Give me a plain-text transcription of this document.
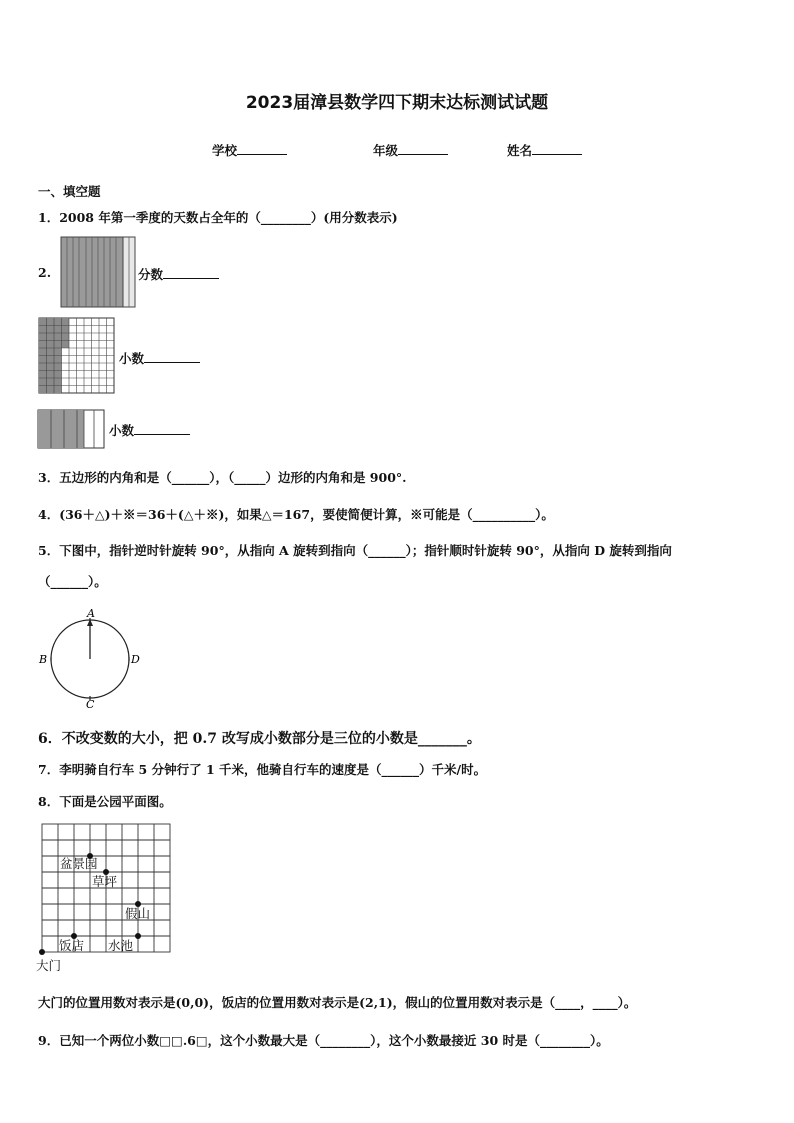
2023届漳县数学四下期末达标测试试题
学校	年级	姓名
一、填空题
1．2008 年第一季度的天数占全年的（________）(用分数表示)
2.	分数
小数
小数
3．五边形的内角和是（______），（_____）边形的内角和是 900°.
4．(36＋△)＋※＝36＋(△＋※)，如果△＝167，要使简便计算，※可能是（__________）。
5．下图中，指针逆时针旋转 90°，从指向 A 旋转到指向（______）；指针顺时针旋转 90°，从指向 D 旋转到指向
（______）。
A
B	D
C
6．不改变数的大小，把 0.7 改写成小数部分是三位的小数是_______。
7．李明骑自行车 5 分钟行了 1 千米，他骑自行车的速度是（______）千米/时。
8．下面是公园平面图。
盆景园
草坪
假山
饭店 水池
大门
大门的位置用数对表示是(0,0)，饭店的位置用数对表示是(2,1)，假山的位置用数对表示是（____，____）。
9．已知一个两位小数□□.6□，这个小数最大是（________），这个小数最接近 30 时是（________）。
